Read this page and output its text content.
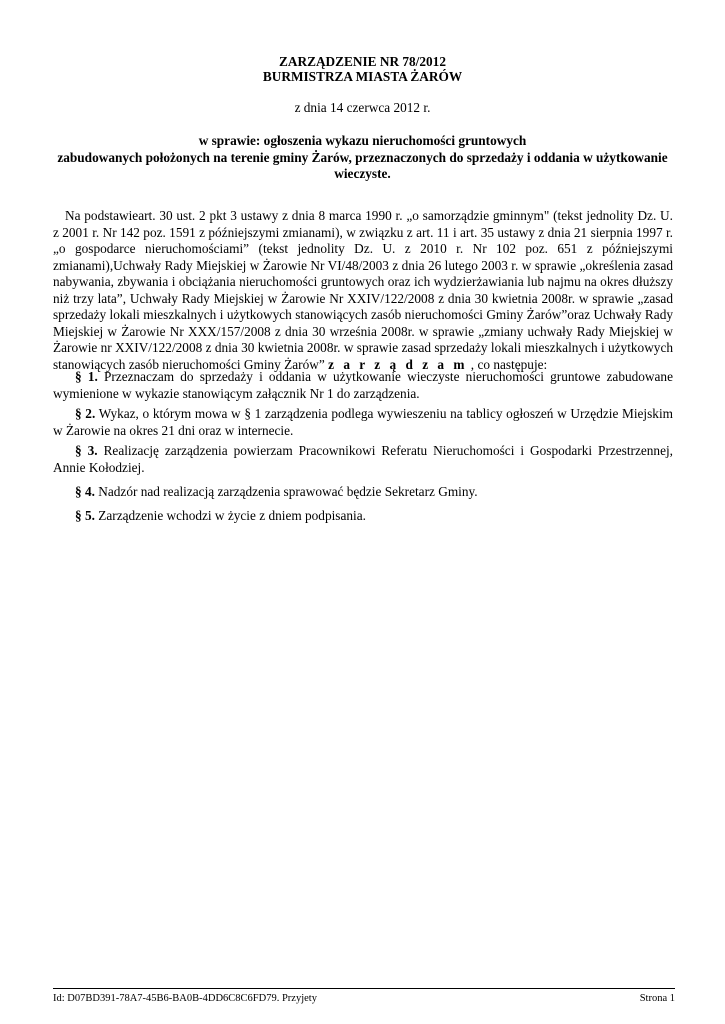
ZARZĄDZENIE NR 78/2012
BURMISTRZA MIASTA ŻARÓW
z dnia 14 czerwca 2012 r.
w sprawie: ogłoszenia wykazu nieruchomości gruntowych
zabudowanych położonych na terenie gminy Żarów, przeznaczonych do sprzedaży i oddania w użytkowanie
wieczyste.
Na podstawieart. 30 ust. 2 pkt 3 ustawy z dnia 8 marca 1990 r. „o samorządzie gminnym" (tekst jednolity Dz. U. z 2001 r. Nr 142 poz. 1591 z późniejszymi zmianami), w związku z art. 11 i art. 35 ustawy z dnia 21 sierpnia 1997 r. „o gospodarce nieruchomościami” (tekst jednolity Dz. U. z 2010 r. Nr 102 poz. 651 z późniejszymi zmianami),Uchwały Rady Miejskiej w Żarowie Nr VI/48/2003 z dnia 26 lutego 2003 r. w sprawie „określenia zasad nabywania, zbywania i obciążania nieruchomości gruntowych oraz ich wydzierżawiania lub najmu na okres dłuższy niż trzy lata”, Uchwały Rady Miejskiej w Żarowie Nr XXIV/122/2008 z dnia 30 kwietnia 2008r. w sprawie „zasad sprzedaży lokali mieszkalnych i użytkowych stanowiących zasób nieruchomości Gminy Żarów”oraz Uchwały Rady Miejskiej w Żarowie Nr XXX/157/2008 z dnia 30 września 2008r. w sprawie „zmiany uchwały Rady Miejskiej w Żarowie nr XXIV/122/2008 z dnia 30 kwietnia 2008r. w sprawie zasad sprzedaży lokali mieszkalnych i użytkowych stanowiących zasób nieruchomości Gminy Żarów” z a r z ą d z a m , co następuje:
§ 1. Przeznaczam do sprzedaży i oddania w użytkowanie wieczyste nieruchomości gruntowe zabudowane wymienione w wykazie stanowiącym załącznik Nr 1 do zarządzenia.
§ 2. Wykaz, o którym mowa w § 1 zarządzenia podlega wywieszeniu na tablicy ogłoszeń w Urzędzie Miejskim w Żarowie na okres 21 dni oraz w internecie.
§ 3. Realizację zarządzenia powierzam Pracownikowi Referatu Nieruchomości i Gospodarki Przestrzennej, Annie Kołodziej.
§ 4. Nadzór nad realizacją zarządzenia sprawować będzie Sekretarz Gminy.
§ 5. Zarządzenie wchodzi w życie z dniem podpisania.
Id: D07BD391-78A7-45B6-BA0B-4DD6C8C6FD79. Przyjety	Strona 1
